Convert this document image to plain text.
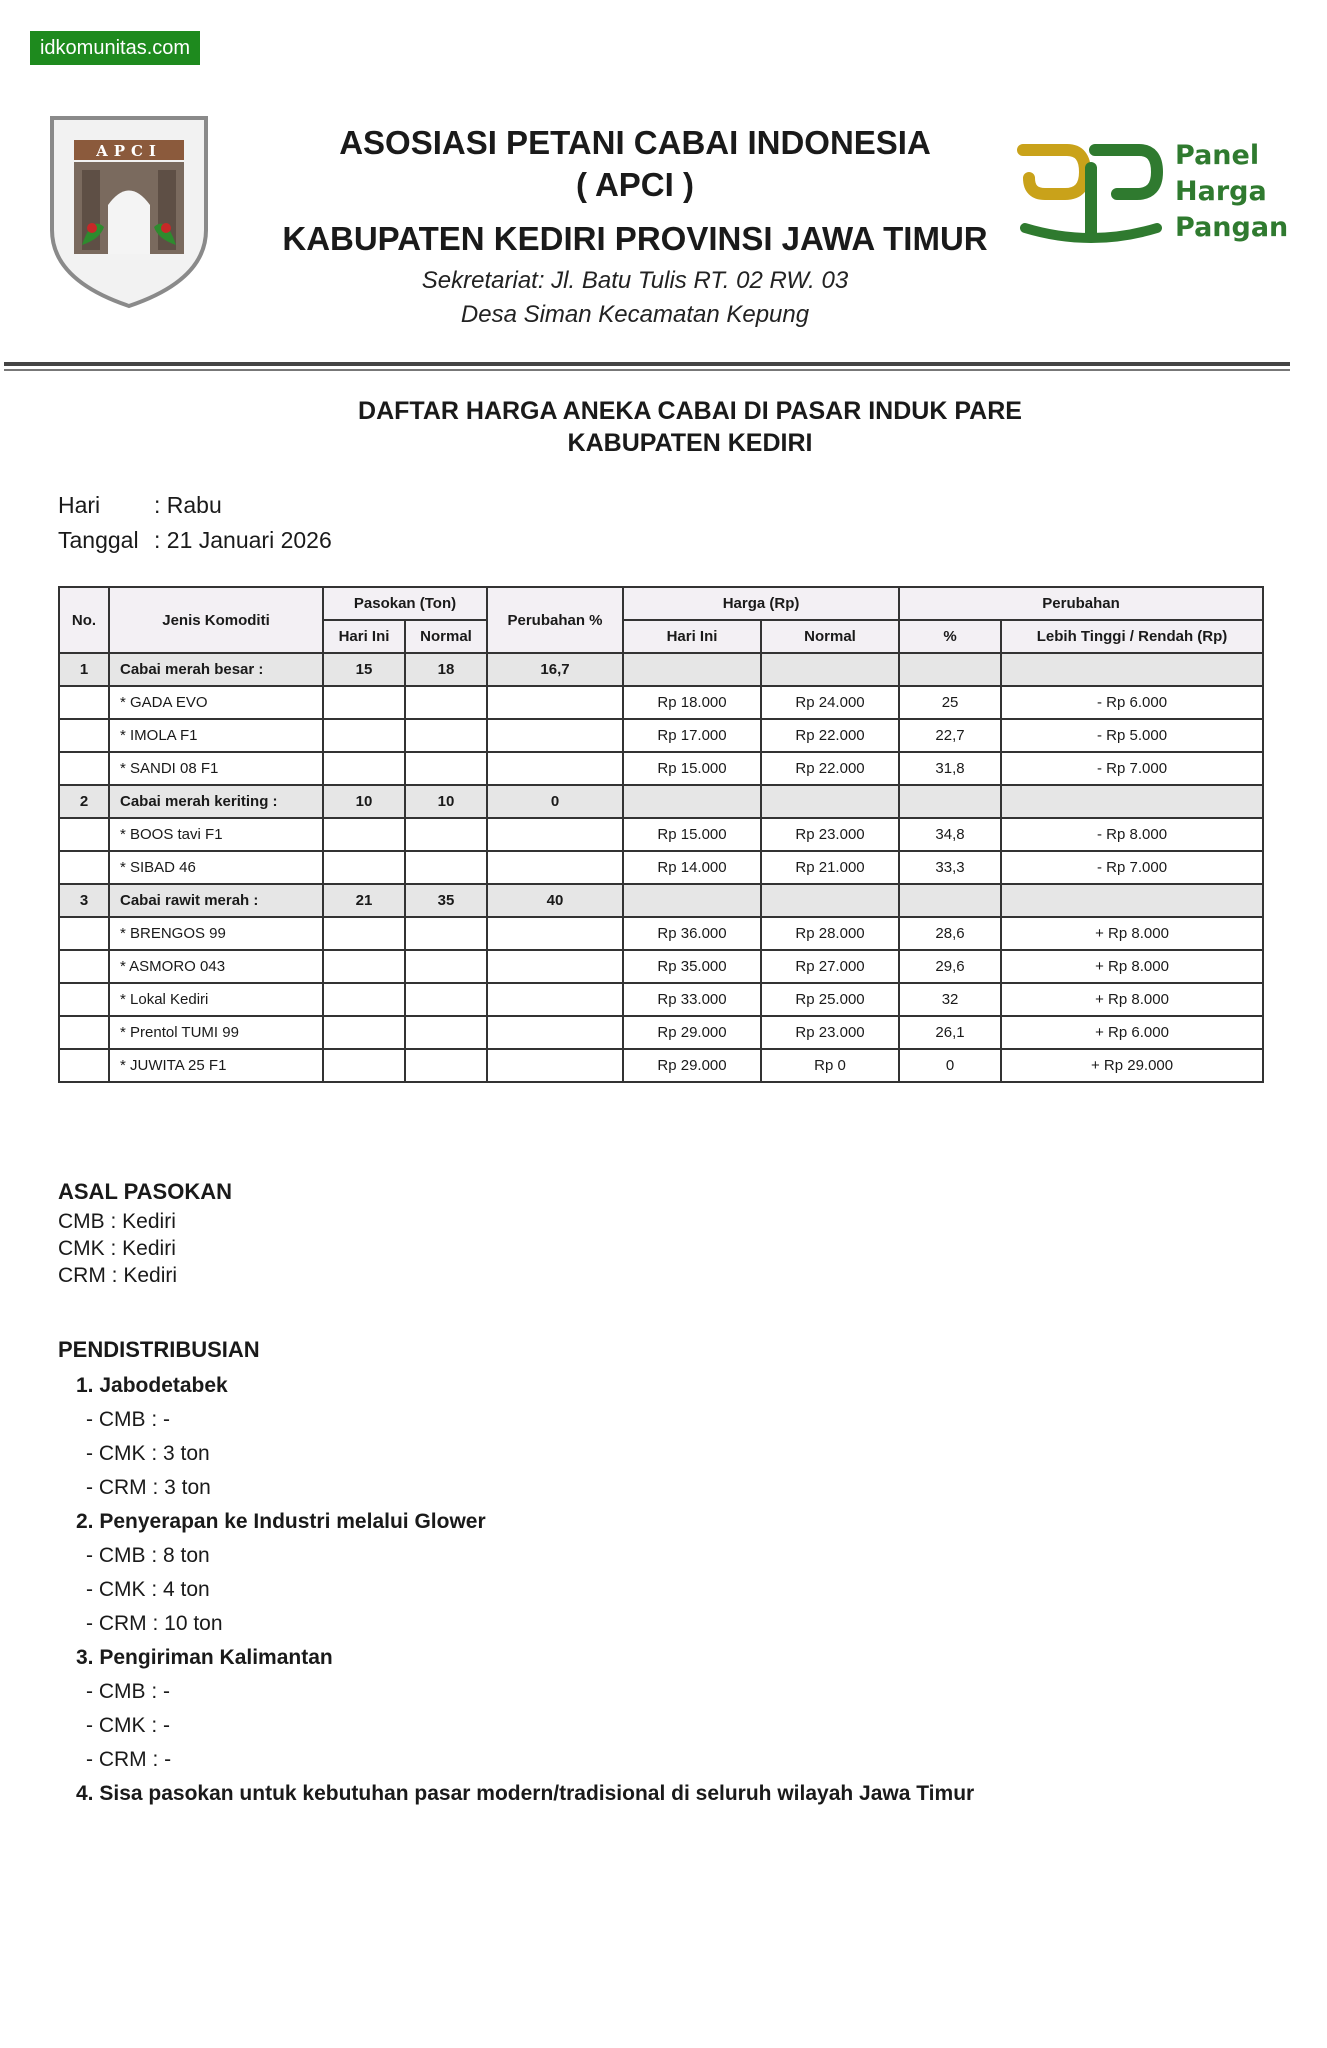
idkomunitas.com
APCI	ASOSIASI PETANI CABAI INDONESIA
( APCI )
KABUPATEN KEDIRI PROVINSI JAWA TIMUR
Sekretariat: Jl. Batu Tulis RT. 02 RW. 03
Desa Siman Kecamatan Kepung
Panel
Harga
Pangan
DAFTAR HARGA ANEKA CABAI DI PASAR INDUK PARE
KABUPATEN KEDIRI
Hari : Rabu
Tanggal : 21 Januari 2026
No.	Jenis Komoditi	Pasokan (Ton)		Perubahan %	Harga (Rp)		Perubahan	
		Hari Ini	Normal		Hari Ini	Normal	%	Lebih Tinggi / Rendah (Rp)
1	Cabai merah besar :	15	18	16,7				
	* GADA EVO				Rp 18.000	Rp 24.000	25	- Rp 6.000
	* IMOLA F1				Rp 17.000	Rp 22.000	22,7	- Rp 5.000
	* SANDI 08 F1				Rp 15.000	Rp 22.000	31,8	- Rp 7.000
2	Cabai merah keriting :	10	10	0				
	* BOOS tavi F1				Rp 15.000	Rp 23.000	34,8	- Rp 8.000
	* SIBAD 46				Rp 14.000	Rp 21.000	33,3	- Rp 7.000
3	Cabai rawit merah :	21	35	40				
	* BRENGOS 99				Rp 36.000	Rp 28.000	28,6	+ Rp 8.000
	* ASMORO 043				Rp 35.000	Rp 27.000	29,6	+ Rp 8.000
	* Lokal Kediri				Rp 33.000	Rp 25.000	32	+ Rp 8.000
	* Prentol TUMI 99				Rp 29.000	Rp 23.000	26,1	+ Rp 6.000
	* JUWITA 25 F1				Rp 29.000	Rp 0	0	+ Rp 29.000
ASAL PASOKAN
CMB : Kediri
CMK : Kediri
CRM : Kediri
PENDISTRIBUSIAN
1. Jabodetabek
- CMB : -
- CMK : 3 ton
- CRM : 3 ton
2. Penyerapan ke Industri melalui Glower
- CMB : 8 ton
- CMK : 4 ton
- CRM : 10 ton
3. Pengiriman Kalimantan
- CMB : -
- CMK : -
- CRM : -
4. Sisa pasokan untuk kebutuhan pasar modern/tradisional di seluruh wilayah Jawa Timur
